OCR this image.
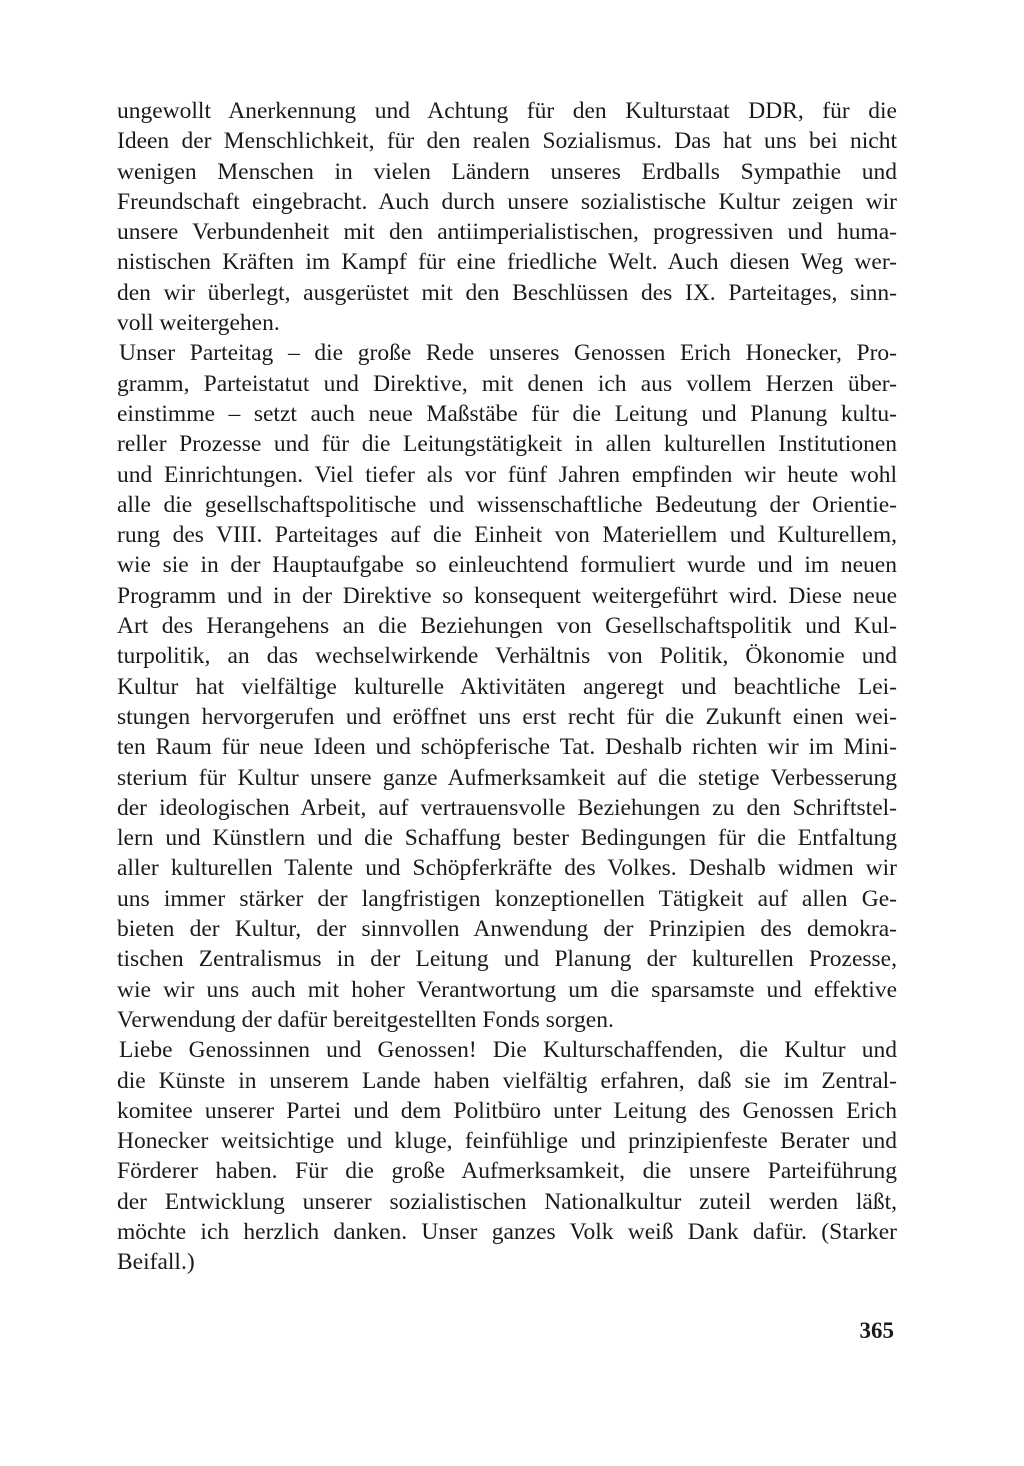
ungewollt Anerkennung und Achtung für den Kulturstaat DDR, für die
Ideen der Menschlichkeit, für den realen Sozialismus. Das hat uns bei nicht
wenigen Menschen in vielen Ländern unseres Erdballs Sympathie und
Freundschaft eingebracht. Auch durch unsere sozialistische Kultur zeigen wir
unsere Verbundenheit mit den antiimperialistischen, progressiven und huma-
nistischen Kräften im Kampf für eine friedliche Welt. Auch diesen Weg wer-
den wir überlegt, ausgerüstet mit den Beschlüssen des IX. Parteitages, sinn-
voll weitergehen.
Unser Parteitag – die große Rede unseres Genossen Erich Honecker, Pro-
gramm, Parteistatut und Direktive, mit denen ich aus vollem Herzen über-
einstimme – setzt auch neue Maßstäbe für die Leitung und Planung kultu-
reller Prozesse und für die Leitungstätigkeit in allen kulturellen Institutionen
und Einrichtungen. Viel tiefer als vor fünf Jahren empfinden wir heute wohl
alle die gesellschaftspolitische und wissenschaftliche Bedeutung der Orientie-
rung des VIII. Parteitages auf die Einheit von Materiellem und Kulturellem,
wie sie in der Hauptaufgabe so einleuchtend formuliert wurde und im neuen
Programm und in der Direktive so konsequent weitergeführt wird. Diese neue
Art des Herangehens an die Beziehungen von Gesellschaftspolitik und Kul-
turpolitik, an das wechselwirkende Verhältnis von Politik, Ökonomie und
Kultur hat vielfältige kulturelle Aktivitäten angeregt und beachtliche Lei-
stungen hervorgerufen und eröffnet uns erst recht für die Zukunft einen wei-
ten Raum für neue Ideen und schöpferische Tat. Deshalb richten wir im Mini-
sterium für Kultur unsere ganze Aufmerksamkeit auf die stetige Verbesserung
der ideologischen Arbeit, auf vertrauensvolle Beziehungen zu den Schriftstel-
lern und Künstlern und die Schaffung bester Bedingungen für die Entfaltung
aller kulturellen Talente und Schöpferkräfte des Volkes. Deshalb widmen wir
uns immer stärker der langfristigen konzeptionellen Tätigkeit auf allen Ge-
bieten der Kultur, der sinnvollen Anwendung der Prinzipien des demokra-
tischen Zentralismus in der Leitung und Planung der kulturellen Prozesse,
wie wir uns auch mit hoher Verantwortung um die sparsamste und effektive
Verwendung der dafür bereitgestellten Fonds sorgen.
Liebe Genossinnen und Genossen! Die Kulturschaffenden, die Kultur und
die Künste in unserem Lande haben vielfältig erfahren, daß sie im Zentral-
komitee unserer Partei und dem Politbüro unter Leitung des Genossen Erich
Honecker weitsichtige und kluge, feinfühlige und prinzipienfeste Berater und
Förderer haben. Für die große Aufmerksamkeit, die unsere Parteiführung
der Entwicklung unserer sozialistischen Nationalkultur zuteil werden läßt,
möchte ich herzlich danken. Unser ganzes Volk weiß Dank dafür. (Starker
Beifall.)
365
